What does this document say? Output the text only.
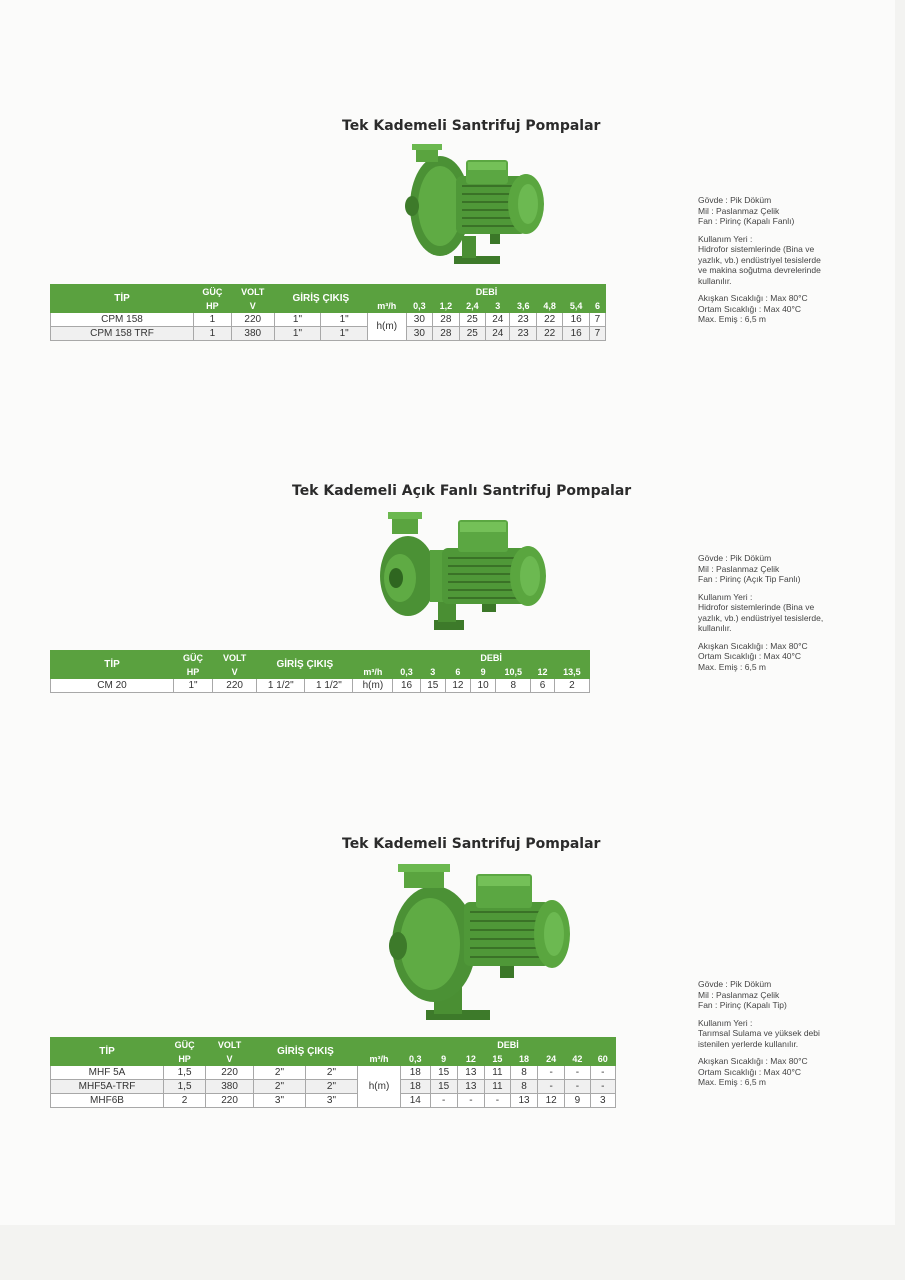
Tek Kademeli Santrifuj Pompalar
TİP	GÜÇ	VOLT	GİRİŞ ÇIKIŞ		DEBİ								
	HP	V			m³/h	0,3	1,2	2,4	3	3,6	4,8	5,4	6
CPM 158	1	220	1"	1"	h(m)	30	28	25	24	23	22	16	7
CPM 158 TRF	1	380	1"	1"		30	28	25	24	23	22	16	7

Gövde : Pik Döküm
Mil : Paslanmaz Çelik
Fan : Pirinç (Kapalı Fanlı)

Kullanım Yeri :
Hidrofor sistemlerinde (Bina ve
yazlık, vb.) endüstriyel tesislerde
ve makina soğutma devrelerinde
kullanılır.

Akışkan Sıcaklığı : Max 80°C
Ortam Sıcaklığı : Max 40°C
Max. Emiş : 6,5 m

Tek Kademeli Açık Fanlı Santrifuj Pompalar
TİP	GÜÇ	VOLT	GİRİŞ ÇIKIŞ			DEBİ						
	HP	V			m³/h	0,3	3	6	9	10,5	12	13,5
CM 20	1"	220	1 1/2"	1 1/2"	h(m)	16	15	12	10	8	6	2

Gövde : Pik Döküm
Mil : Paslanmaz Çelik
Fan : Pirinç (Açık Tip Fanlı)

Kullanım Yeri :
Hidrofor sistemlerinde (Bina ve
yazlık, vb.) endüstriyel tesislerde,
kullanılır.

Akışkan Sıcaklığı : Max 80°C
Ortam Sıcaklığı : Max 40°C
Max. Emiş : 6,5 m

Tek Kademeli Santrifuj Pompalar
TİP	GÜÇ	VOLT	GİRİŞ ÇIKIŞ			DEBİ							
	HP	V			m³/h	0,3	9	12	15	18	24	42	60
MHF 5A	1,5	220	2"	2"	h(m)	18	15	13	11	8	-	-	-
MHF5A-TRF	1,5	380	2"	2"		18	15	13	11	8	-	-	-
MHF6B	2	220	3"	3"		14	-	-	-	13	12	9	3

Gövde : Pik Döküm
Mil : Paslanmaz Çelik
Fan : Pirinç (Kapalı Tip)

Kullanım Yeri :
Tarımsal Sulama ve yüksek debi
istenilen yerlerde kullanılır.

Akışkan Sıcaklığı : Max 80°C
Ortam Sıcaklığı : Max 40°C
Max. Emiş : 6,5 m
